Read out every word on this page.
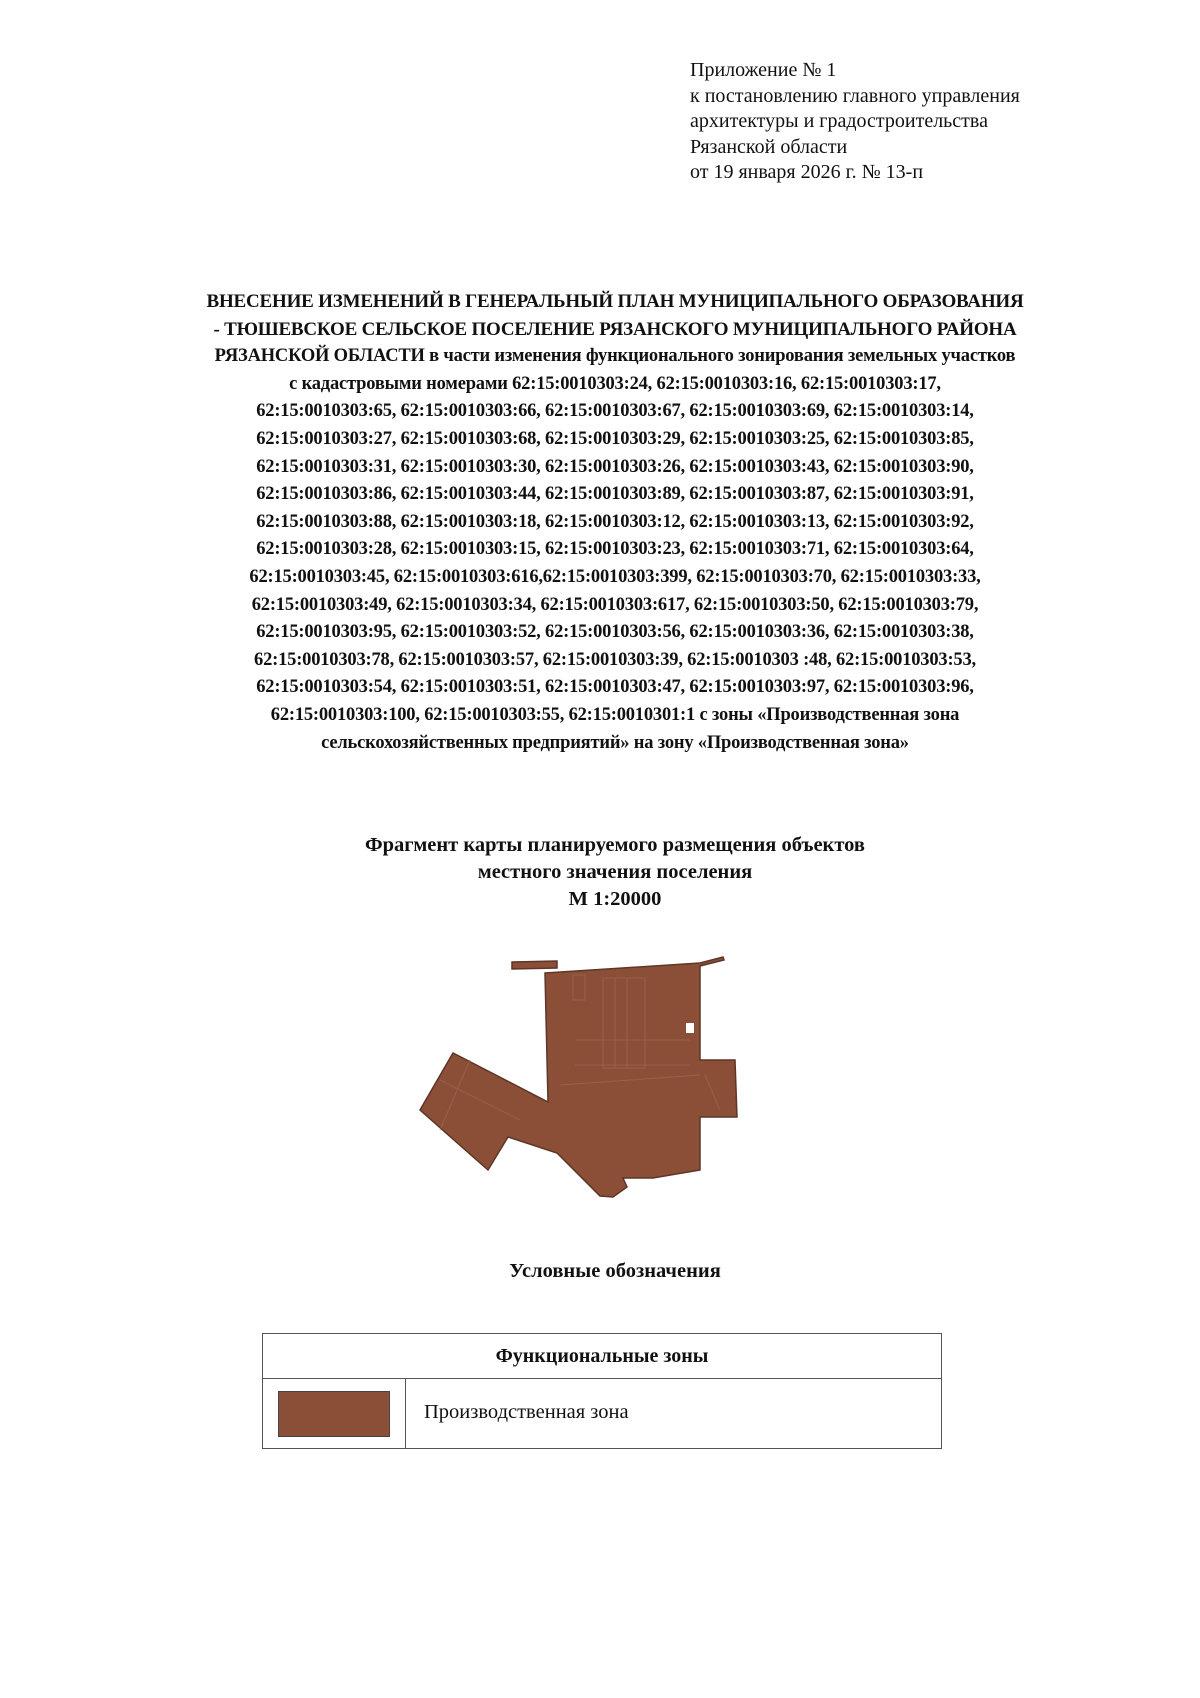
Приложение № 1
к постановлению главного управления
архитектуры и градостроительства
Рязанской области
от 19 января 2026 г. № 13-п
ВНЕСЕНИЕ ИЗМЕНЕНИЙ В ГЕНЕРАЛЬНЫЙ ПЛАН МУНИЦИПАЛЬНОГО ОБРАЗОВАНИЯ
- ТЮШЕВСКОЕ СЕЛЬСКОЕ ПОСЕЛЕНИЕ РЯЗАНСКОГО МУНИЦИПАЛЬНОГО РАЙОНА
РЯЗАНСКОЙ ОБЛАСТИ в части изменения функционального зонирования земельных участков
с кадастровыми номерами 62:15:0010303:24, 62:15:0010303:16, 62:15:0010303:17,
62:15:0010303:65, 62:15:0010303:66, 62:15:0010303:67, 62:15:0010303:69, 62:15:0010303:14,
62:15:0010303:27, 62:15:0010303:68, 62:15:0010303:29, 62:15:0010303:25, 62:15:0010303:85,
62:15:0010303:31, 62:15:0010303:30, 62:15:0010303:26, 62:15:0010303:43, 62:15:0010303:90,
62:15:0010303:86, 62:15:0010303:44, 62:15:0010303:89, 62:15:0010303:87, 62:15:0010303:91,
62:15:0010303:88, 62:15:0010303:18, 62:15:0010303:12, 62:15:0010303:13, 62:15:0010303:92,
62:15:0010303:28, 62:15:0010303:15, 62:15:0010303:23, 62:15:0010303:71, 62:15:0010303:64,
62:15:0010303:45, 62:15:0010303:616,62:15:0010303:399, 62:15:0010303:70, 62:15:0010303:33,
62:15:0010303:49, 62:15:0010303:34, 62:15:0010303:617, 62:15:0010303:50, 62:15:0010303:79,
62:15:0010303:95, 62:15:0010303:52, 62:15:0010303:56, 62:15:0010303:36, 62:15:0010303:38,
62:15:0010303:78, 62:15:0010303:57, 62:15:0010303:39, 62:15:0010303 :48, 62:15:0010303:53,
62:15:0010303:54, 62:15:0010303:51, 62:15:0010303:47, 62:15:0010303:97, 62:15:0010303:96,
62:15:0010303:100, 62:15:0010303:55, 62:15:0010301:1 с зоны «Производственная зона
сельскохозяйственных предприятий» на зону «Производственная зона»
Фрагмент карты планируемого размещения объектов
местного значения поселения
М 1:20000
Условные обозначения
Функциональные зоны
Производственная зона
